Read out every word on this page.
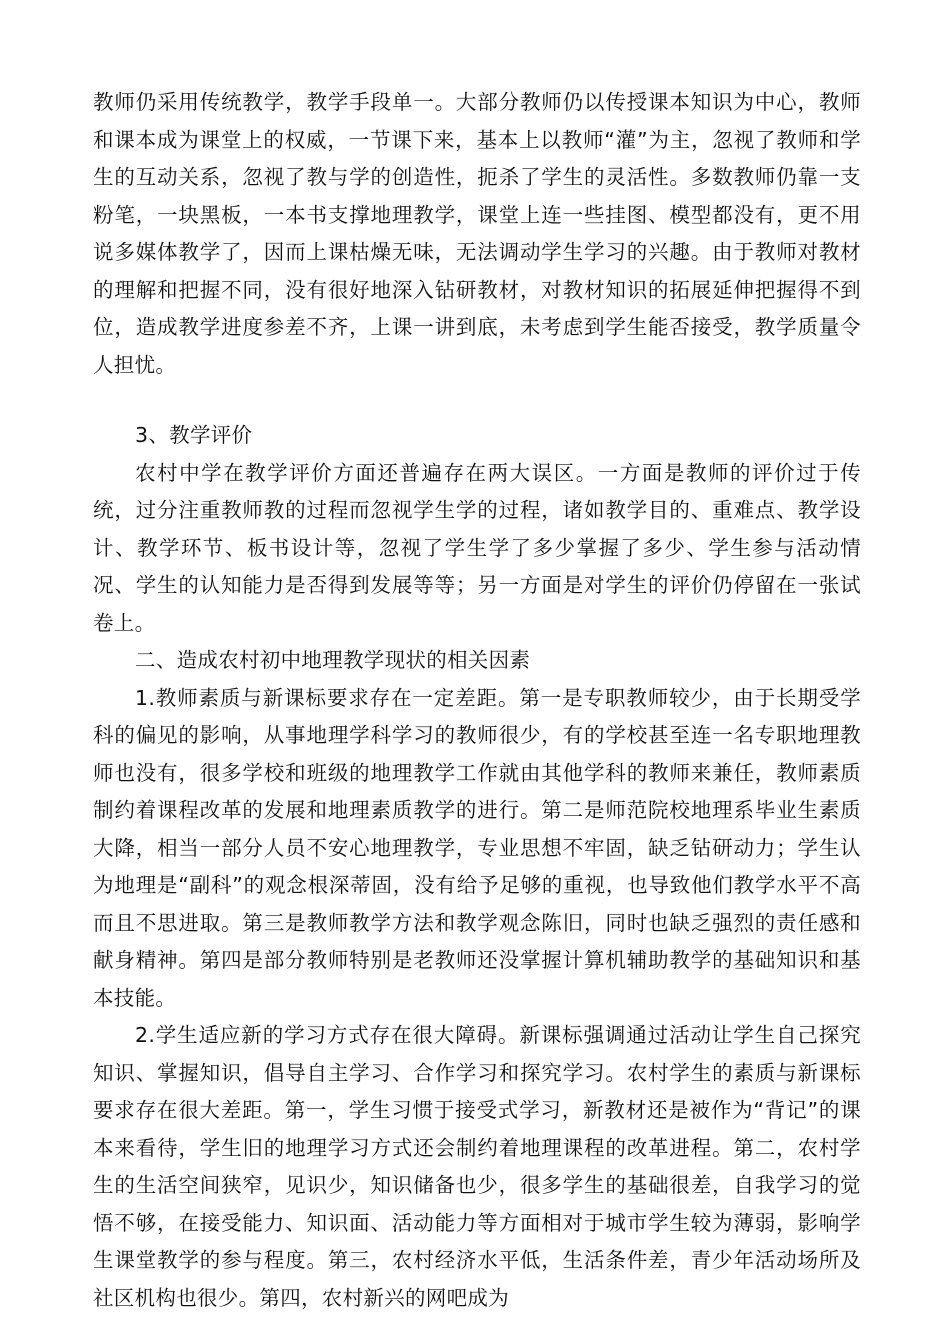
教师仍采用传统教学，教学手段单一。大部分教师仍以传授课本知识为中心，教师和课本成为课堂上的权威，一节课下来，基本上以教师“灌”为主，忽视了教师和学生的互动关系，忽视了教与学的创造性，扼杀了学生的灵活性。多数教师仍靠一支粉笔，一块黑板，一本书支撑地理教学，课堂上连一些挂图、模型都没有，更不用说多媒体教学了，因而上课枯燥无味，无法调动学生学习的兴趣。由于教师对教材的理解和把握不同，没有很好地深入钻研教材，对教材知识的拓展延伸把握得不到位，造成教学进度参差不齐，上课一讲到底，未考虑到学生能否接受，教学质量令人担忧。

3、教学评价

农村中学在教学评价方面还普遍存在两大误区。一方面是教师的评价过于传统，过分注重教师教的过程而忽视学生学的过程，诸如教学目的、重难点、教学设计、教学环节、板书设计等，忽视了学生学了多少掌握了多少、学生参与活动情况、学生的认知能力是否得到发展等等；另一方面是对学生的评价仍停留在一张试卷上。

二、造成农村初中地理教学现状的相关因素

1.教师素质与新课标要求存在一定差距。第一是专职教师较少，由于长期受学科的偏见的影响，从事地理学科学习的教师很少，有的学校甚至连一名专职地理教师也没有，很多学校和班级的地理教学工作就由其他学科的教师来兼任，教师素质制约着课程改革的发展和地理素质教学的进行。第二是师范院校地理系毕业生素质大降，相当一部分人员不安心地理教学，专业思想不牢固，缺乏钻研动力；学生认为地理是“副科”的观念根深蒂固，没有给予足够的重视，也导致他们教学水平不高而且不思进取。第三是教师教学方法和教学观念陈旧，同时也缺乏强烈的责任感和献身精神。第四是部分教师特别是老教师还没掌握计算机辅助教学的基础知识和基本技能。

2.学生适应新的学习方式存在很大障碍。新课标强调通过活动让学生自己探究知识、掌握知识，倡导自主学习、合作学习和探究学习。农村学生的素质与新课标要求存在很大差距。第一，学生习惯于接受式学习，新教材还是被作为“背记”的课本来看待，学生旧的地理学习方式还会制约着地理课程的改革进程。第二，农村学生的生活空间狭窄，见识少，知识储备也少，很多学生的基础很差，自我学习的觉悟不够，在接受能力、知识面、活动能力等方面相对于城市学生较为薄弱，影响学生课堂教学的参与程度。第三，农村经济水平低，生活条件差，青少年活动场所及社区机构也很少。第四，农村新兴的网吧成为
